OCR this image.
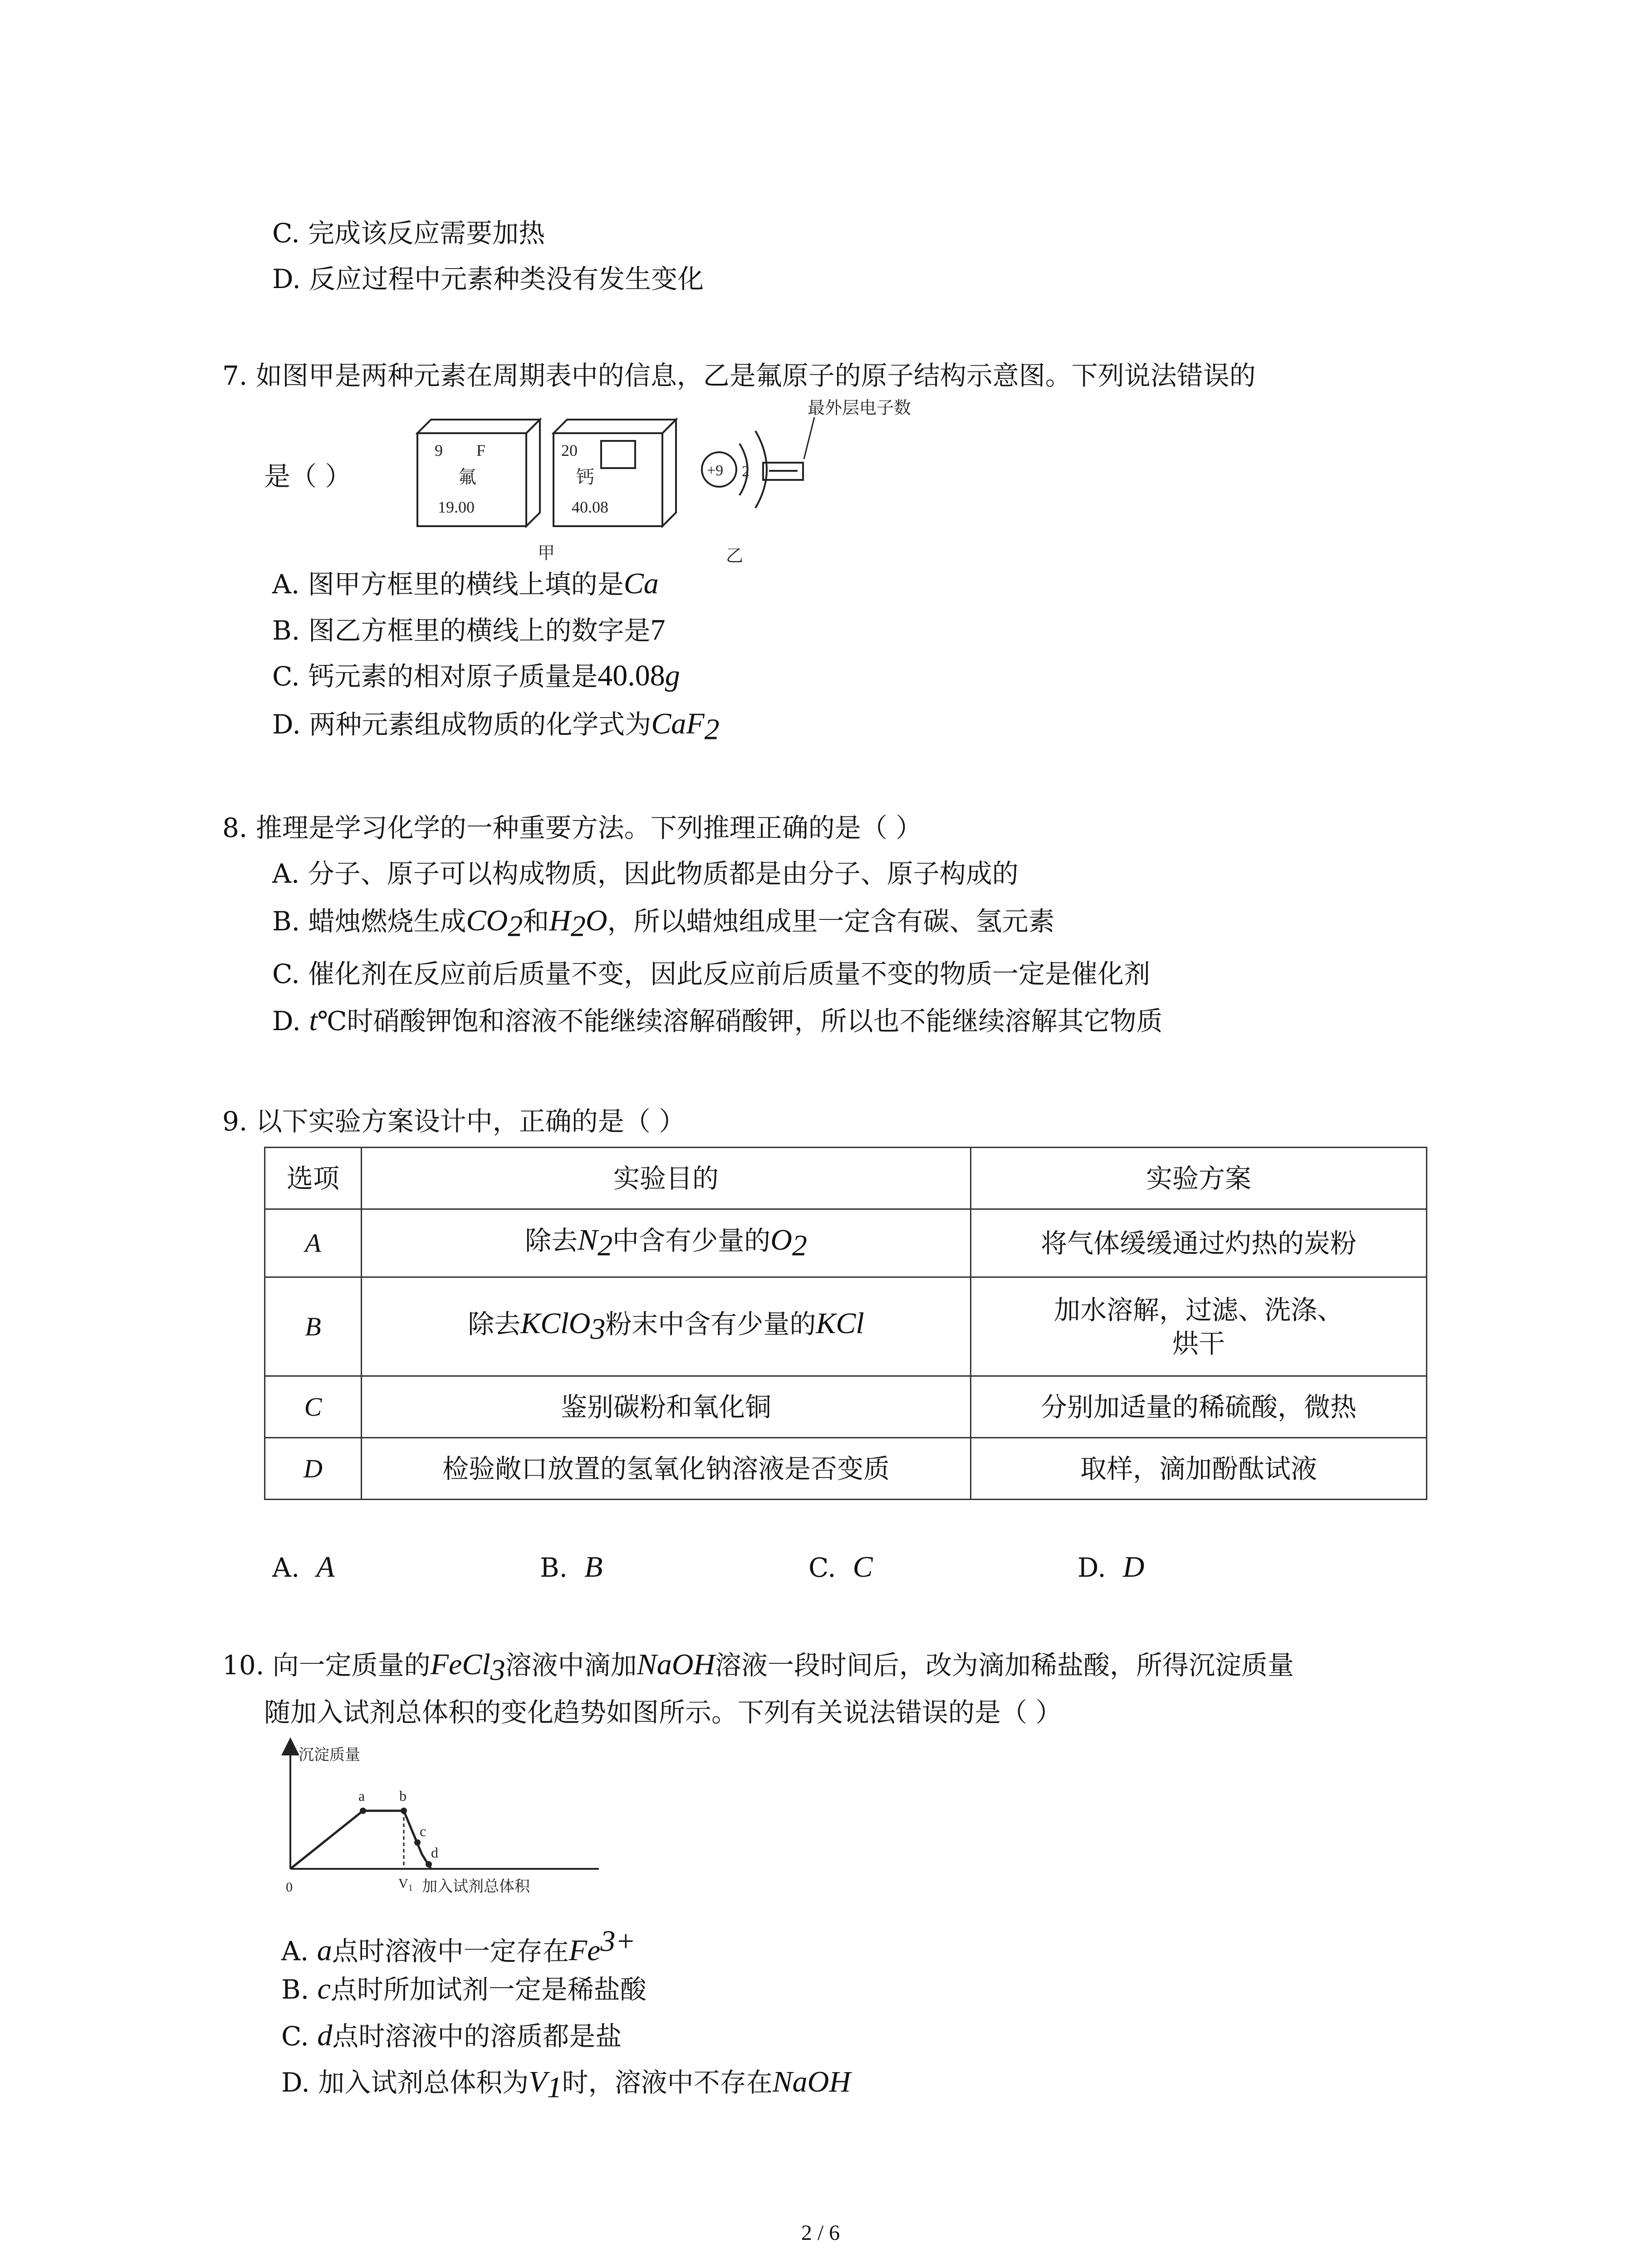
C. 完成该反应需要加热
D. 反应过程中元素种类没有发生变化
7. 如图甲是两种元素在周期表中的信息，乙是氟原子的原子结构示意图。下列说法错误的
是（ ）
9 F
氟
19.00
20
钙
40.08
+9 2
最外层电子数
甲	乙
A. 图甲方框里的横线上填的是Ca
B. 图乙方框里的横线上的数字是7
C. 钙元素的相对原子质量是40.08g
D. 两种元素组成物质的化学式为CaF$_2$
8. 推理是学习化学的一种重要方法。下列推理正确的是（ ）
A. 分子、原子可以构成物质，因此物质都是由分子、原子构成的
B. 蜡烛燃烧生成$CO_2$和$H_2O$，所以蜡烛组成里一定含有碳、氢元素
C. 催化剂在反应前后质量不变，因此反应前后质量不变的物质一定是催化剂
D. t℃时硝酸钾饱和溶液不能继续溶解硝酸钾，所以也不能继续溶解其它物质
9. 以下实验方案设计中，正确的是（ ）
选项	实验目的	实验方案
A	除去$N_2$中含有少量的$O_2$	将气体缓缓通过灼热的炭粉
B	除去KClO$_3$粉末中含有少量的KCl	加水溶解，过滤、洗涤、
烘干
C	鉴别碳粉和氧化铜	分别加适量的稀硫酸，微热
D	检验敞口放置的氢氧化钠溶液是否变质	取样，滴加酚酞试液
A. A	B. B	C. C	D. D
10. 向一定质量的FeCl$_3$溶液中滴加NaOH溶液一段时间后，改为滴加稀盐酸，所得沉淀质量
随加入试剂总体积的变化趋势如图所示。下列有关说法错误的是（ ）
沉淀质量
a b
c
d
0	$V_1$ 加入试剂总体积
A. a点时溶液中一定存在$Fe^{3+}$
B. c点时所加试剂一定是稀盐酸
C. d点时溶液中的溶质都是盐
D. 加入试剂总体积为$V_1$时，溶液中不存在NaOH
2 / 6
